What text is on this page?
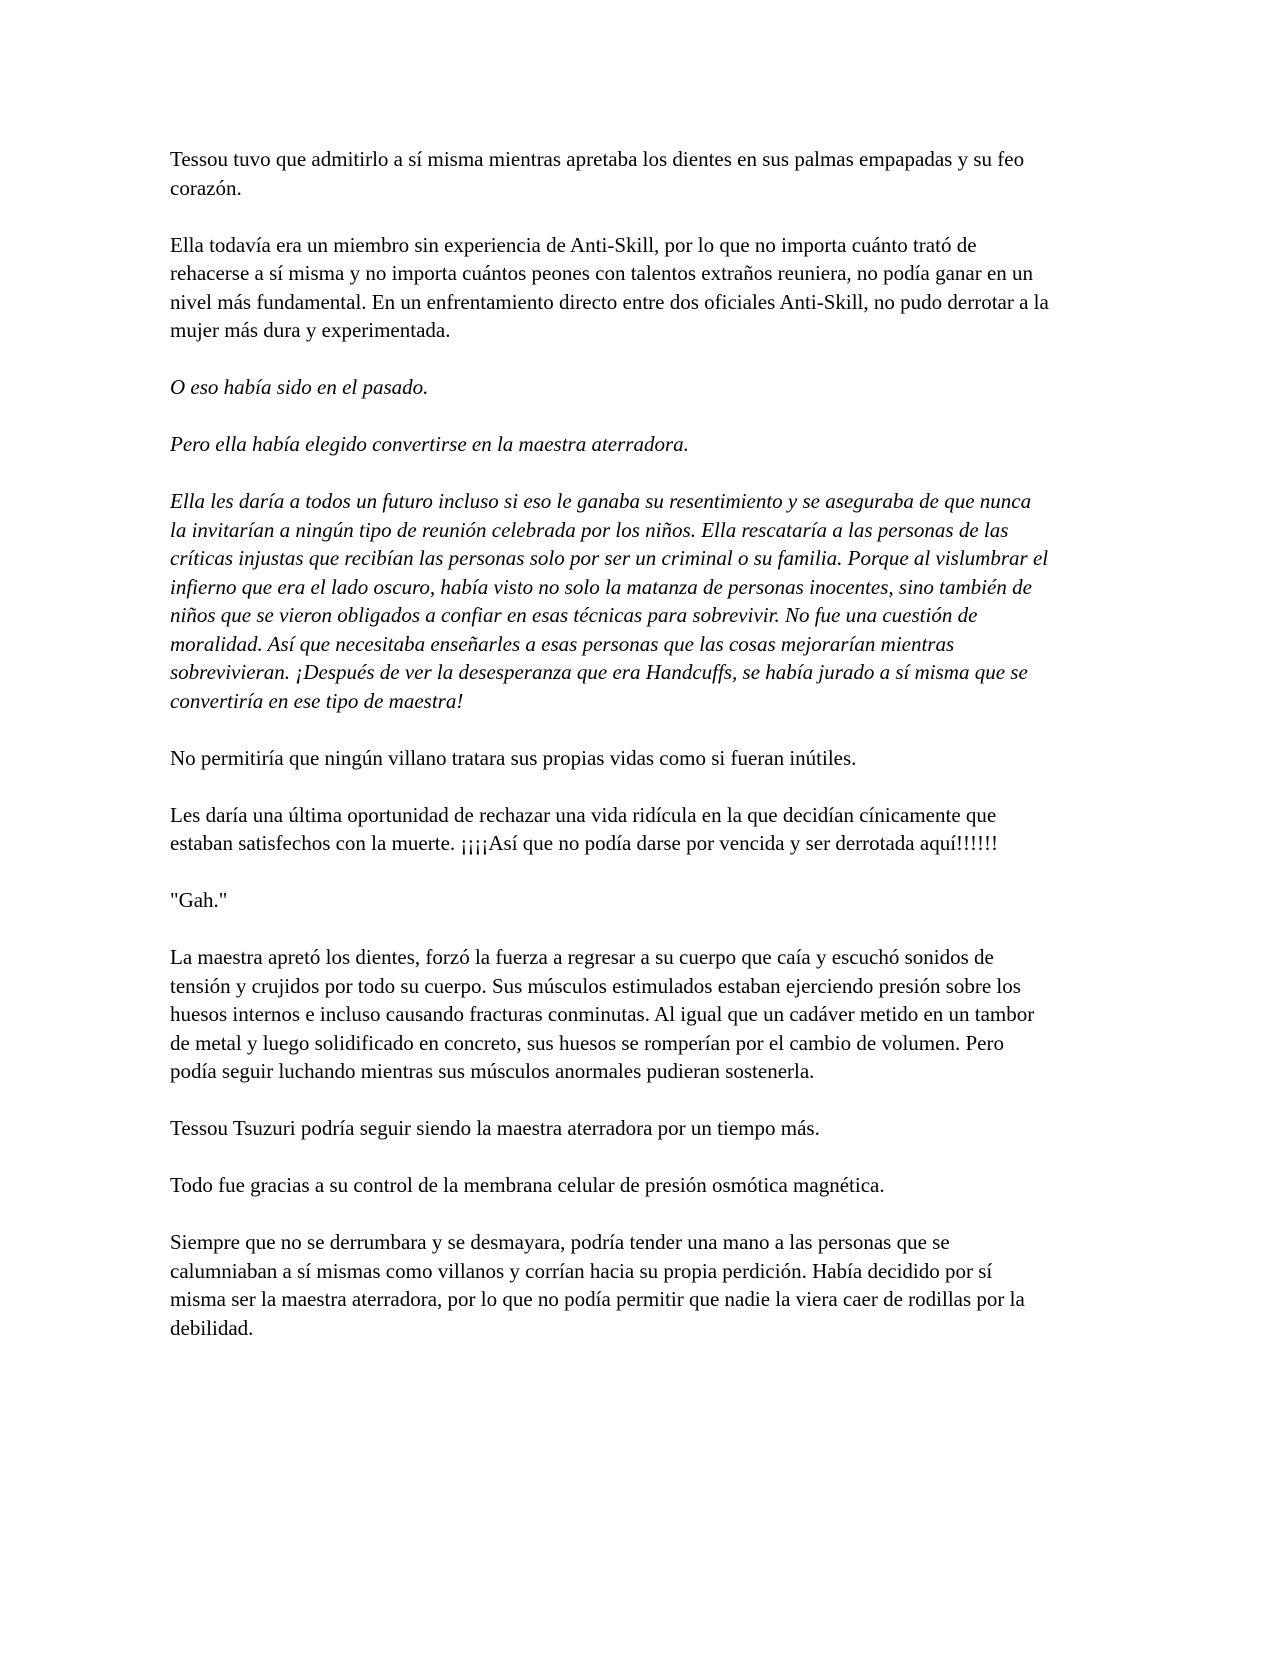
Tessou tuvo que admitirlo a sí misma mientras apretaba los dientes en sus palmas empapadas y su feo corazón.

Ella todavía era un miembro sin experiencia de Anti-Skill, por lo que no importa cuánto trató de rehacerse a sí misma y no importa cuántos peones con talentos extraños reuniera, no podía ganar en un nivel más fundamental. En un enfrentamiento directo entre dos oficiales Anti-Skill, no pudo derrotar a la mujer más dura y experimentada.

O eso había sido en el pasado.

Pero ella había elegido convertirse en la maestra aterradora.

Ella les daría a todos un futuro incluso si eso le ganaba su resentimiento y se aseguraba de que nunca la invitarían a ningún tipo de reunión celebrada por los niños. Ella rescataría a las personas de las críticas injustas que recibían las personas solo por ser un criminal o su familia. Porque al vislumbrar el infierno que era el lado oscuro, había visto no solo la matanza de personas inocentes, sino también de niños que se vieron obligados a confiar en esas técnicas para sobrevivir. No fue una cuestión de moralidad. Así que necesitaba enseñarles a esas personas que las cosas mejorarían mientras sobrevivieran. ¡Después de ver la desesperanza que era Handcuffs, se había jurado a sí misma que se convertiría en ese tipo de maestra!

No permitiría que ningún villano tratara sus propias vidas como si fueran inútiles.

Les daría una última oportunidad de rechazar una vida ridícula en la que decidían cínicamente que estaban satisfechos con la muerte. ¡¡¡¡Así que no podía darse por vencida y ser derrotada aquí!!!!!!

"Gah."

La maestra apretó los dientes, forzó la fuerza a regresar a su cuerpo que caía y escuchó sonidos de tensión y crujidos por todo su cuerpo. Sus músculos estimulados estaban ejerciendo presión sobre los huesos internos e incluso causando fracturas conminutas. Al igual que un cadáver metido en un tambor de metal y luego solidificado en concreto, sus huesos se romperían por el cambio de volumen. Pero podía seguir luchando mientras sus músculos anormales pudieran sostenerla.

Tessou Tsuzuri podría seguir siendo la maestra aterradora por un tiempo más.

Todo fue gracias a su control de la membrana celular de presión osmótica magnética.

Siempre que no se derrumbara y se desmayara, podría tender una mano a las personas que se calumniaban a sí mismas como villanos y corrían hacia su propia perdición. Había decidido por sí misma ser la maestra aterradora, por lo que no podía permitir que nadie la viera caer de rodillas por la debilidad.
